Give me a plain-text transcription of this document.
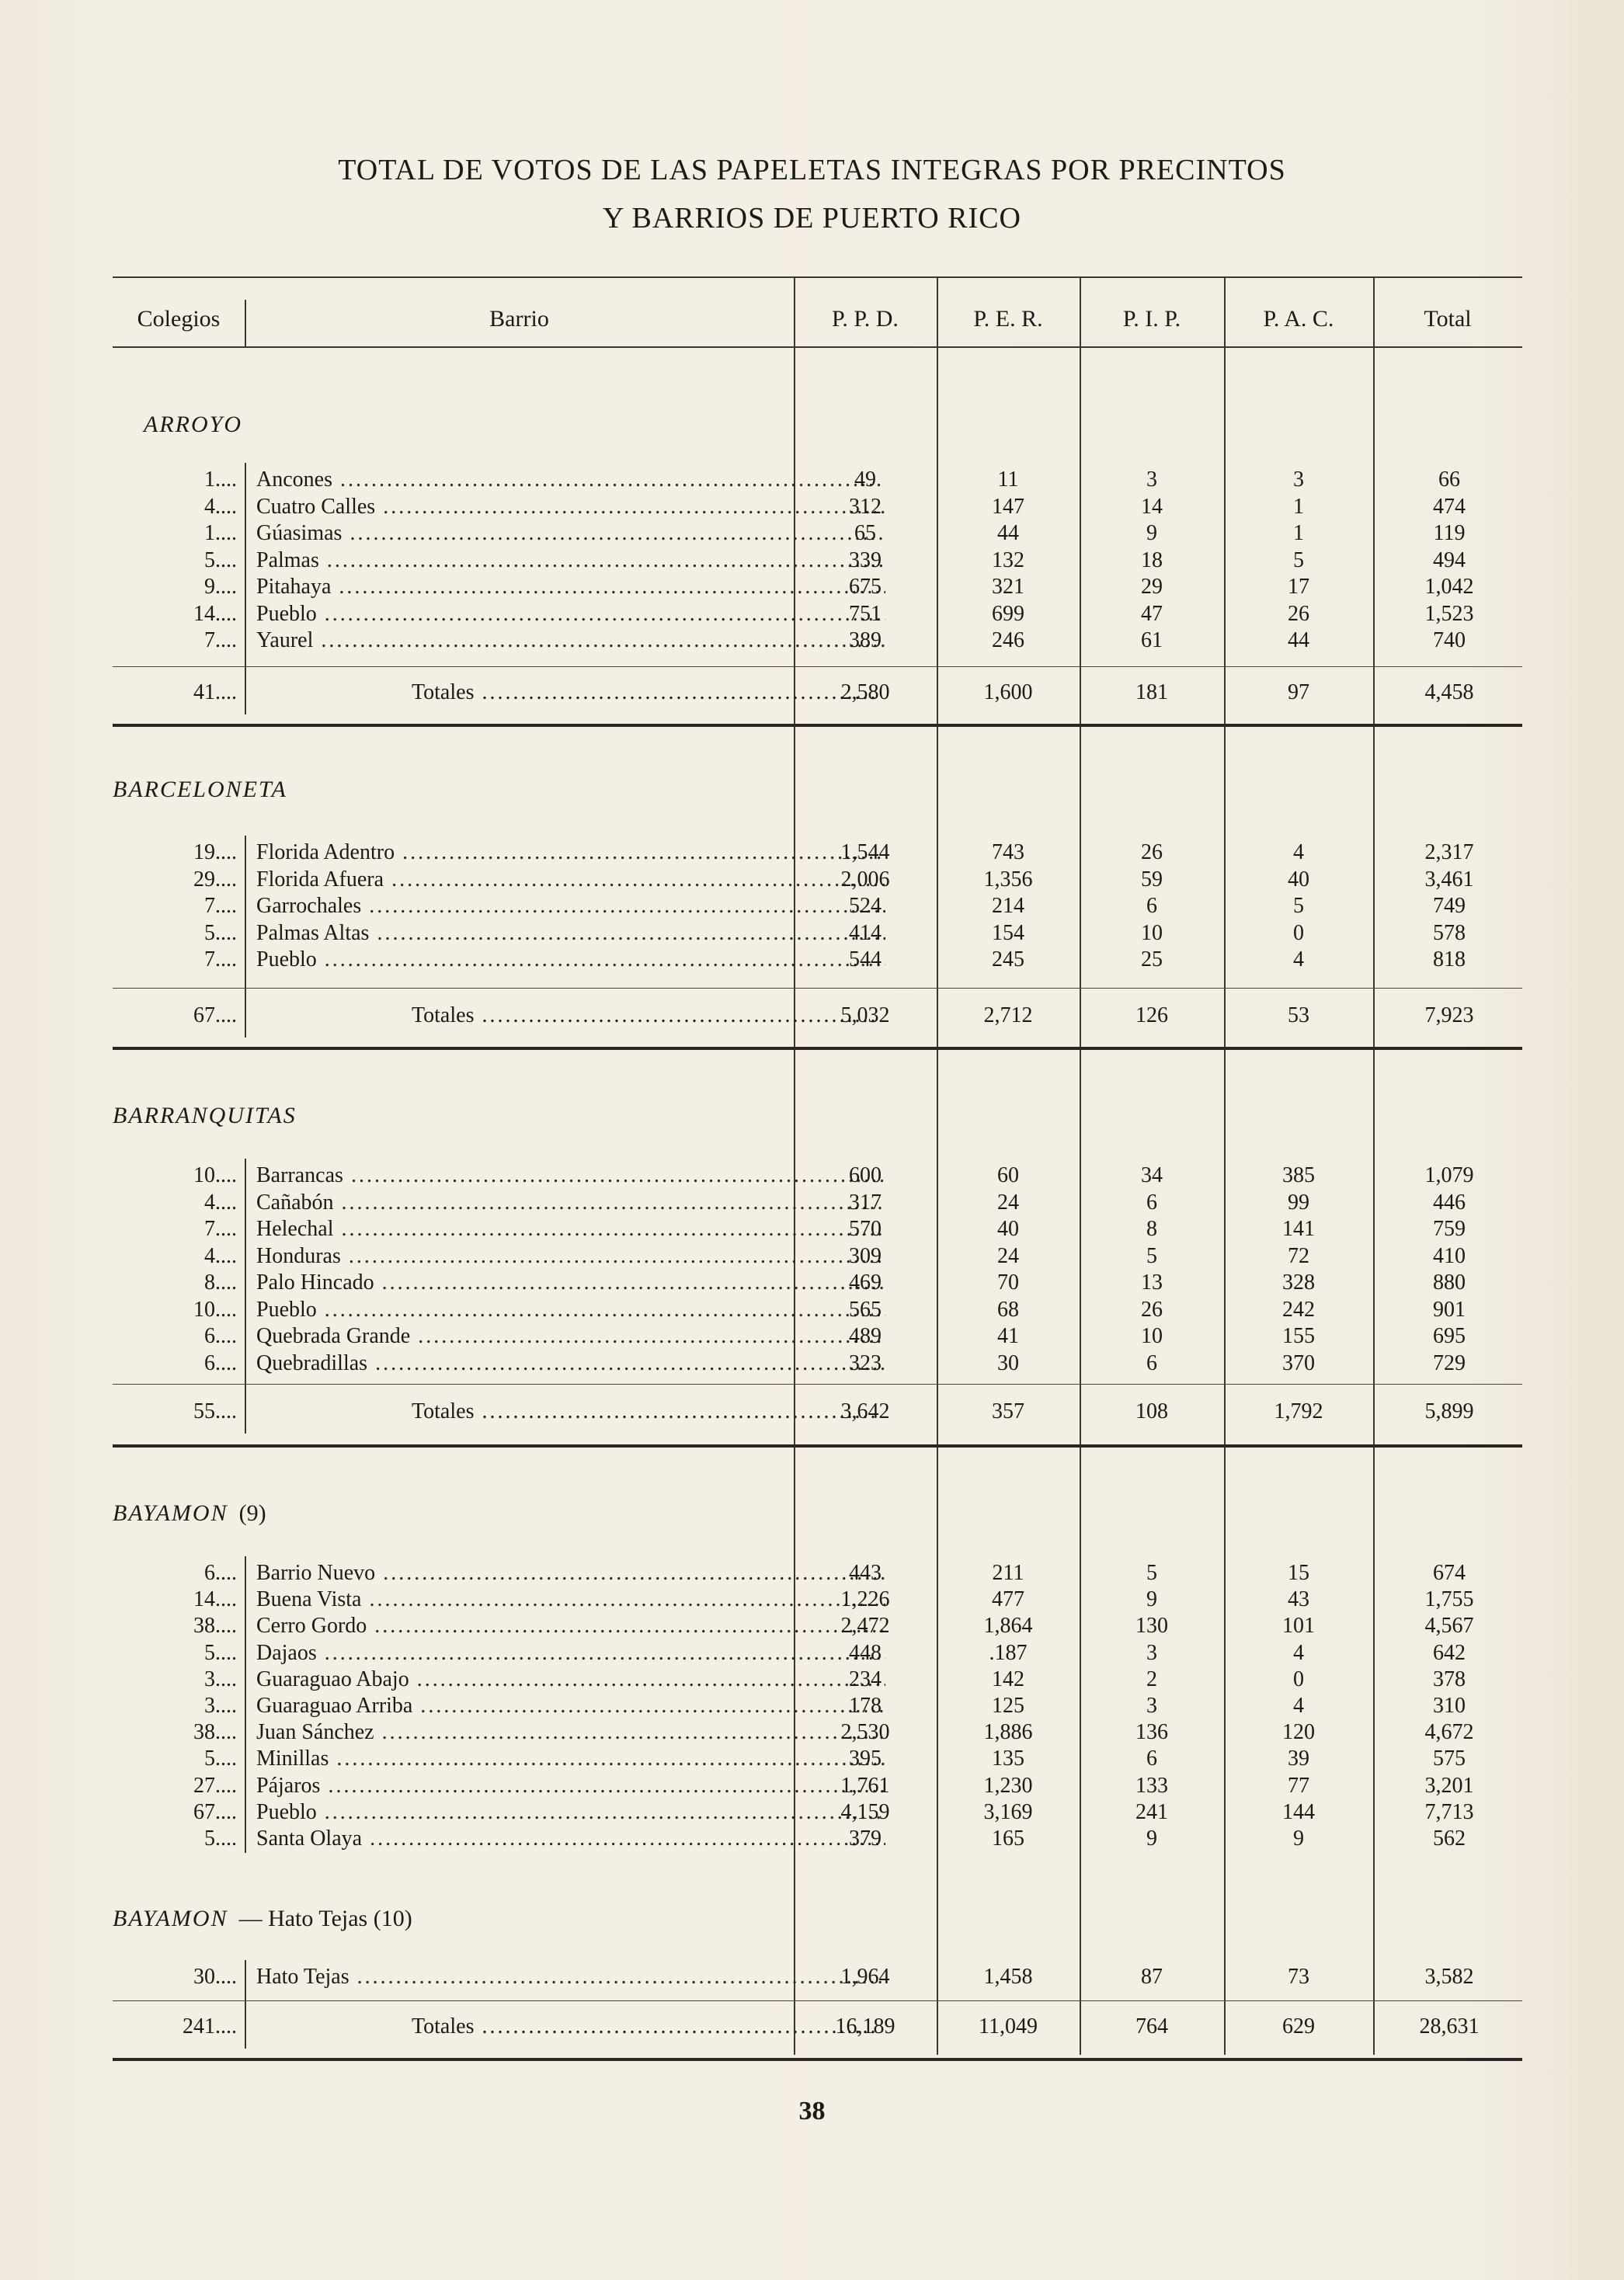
TOTAL DE VOTOS DE LAS PAPELETAS INTEGRAS POR PRECINTOS
Y BARRIOS DE PUERTO RICO
Colegios	Barrio	P. P. D.	P. E. R.	P. I. P.	P. A. C.	Total
ARROYO
1.... Ancones .....	49	11	3	3	66
4.... Cuatro Calles .....	312	147	14	1	474
1.... Gúasimas .....	65	44	9	1	119
5.... Palmas .....	339	132	18	5	494
9.... Pitahaya .....	675	321	29	17	1,042
14.... Pueblo .....	751	699	47	26	1,523
7.... Yaurel .....	389	246	61	44	740
41....	Totales .....	2,580	1,600	181	97	4,458
BARCELONETA
19.... Florida Adentro .....	1,544	743	26	4	2,317
29.... Florida Afuera .....	2,006	1,356	59	40	3,461
7.... Garrochales .....	524	214	6	5	749
5.... Palmas Altas .....	414	154	10	0	578
7.... Pueblo .....	544	245	25	4	818
67....	Totales .....	5,032	2,712	126	53	7,923
BARRANQUITAS
10.... Barrancas .....	600	60	34	385	1,079
4.... Cañabón .....	317	24	6	99	446
7.... Helechal .....	570	40	8	141	759
4.... Honduras .....	309	24	5	72	410
8.... Palo Hincado .....	469	70	13	328	880
10.... Pueblo .....	565	68	26	242	901
6.... Quebrada Grande .....	489	41	10	155	695
6.... Quebradillas .....	323	30	6	370	729
55....	Totales .....	3,642	357	108	1,792	5,899
BAYAMON (9)
6.... Barrio Nuevo .....	443	211	5	15	674
14.... Buena Vista .....	1,226	477	9	43	1,755
38.... Cerro Gordo .....	2,472	1,864	130	101	4,567
5.... Dajaos .....	448	.187	3	4	642
3.... Guaraguao Abajo .....	234	142	2	0	378
3.... Guaraguao Arriba .....	178	125	3	4	310
38.... Juan Sánchez .....	2,530	1,886	136	120	4,672
5.... Minillas .....	395	135	6	39	575
27.... Pájaros .....	1,761	1,230	133	77	3,201
67.... Pueblo .....	4,159	3,169	241	144	7,713
5.... Santa Olaya .....	379	165	9	9	562
BAYAMON — Hato Tejas (10)
30.... Hato Tejas .....	1,964	1,458	87	73	3,582
241....	Totales .....	16,189	11,049	764	629	28,631
38
